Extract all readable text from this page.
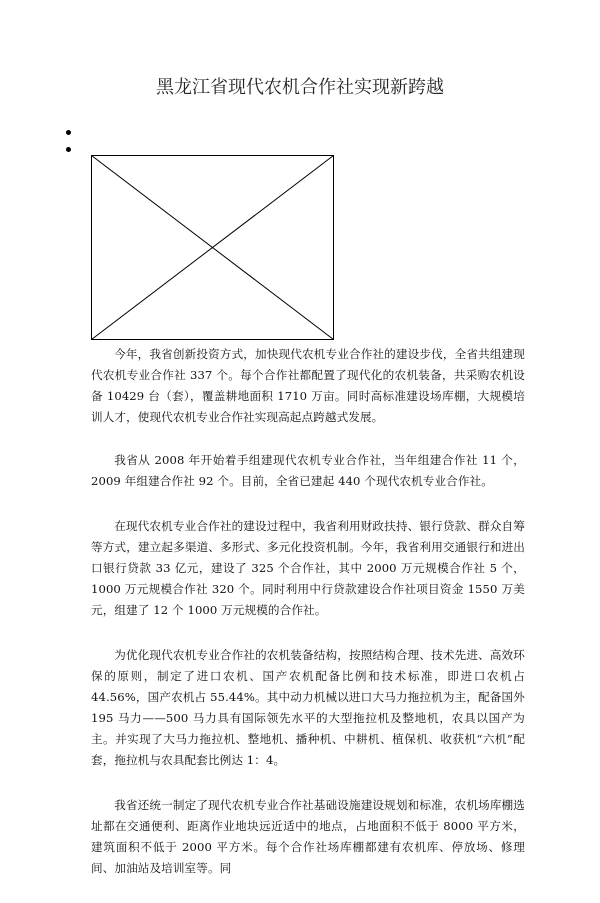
黑龙江省现代农机合作社实现新跨越

今年，我省创新投资方式，加快现代农机专业合作社的建设步伐，全省共组建现代农机专业合作社 337 个。每个合作社都配置了现代化的农机装备，共采购农机设备 10429 台（套），覆盖耕地面积 1710 万亩。同时高标准建设场库棚，大规模培训人才，使现代农机专业合作社实现高起点跨越式发展。

我省从 2008 年开始着手组建现代农机专业合作社，当年组建合作社 11 个，2009 年组建合作社 92 个。目前，全省已建起 440 个现代农机专业合作社。

在现代农机专业合作社的建设过程中，我省利用财政扶持、银行贷款、群众自筹等方式，建立起多渠道、多形式、多元化投资机制。今年，我省利用交通银行和进出口银行贷款 33 亿元，建设了 325 个合作社，其中 2000 万元规模合作社 5 个，1000 万元规模合作社 320 个。同时利用中行贷款建设合作社项目资金 1550 万美元，组建了 12 个 1000 万元规模的合作社。

为优化现代农机专业合作社的农机装备结构，按照结构合理、技术先进、高效环保的原则，制定了进口农机、国产农机配备比例和技术标准，即进口农机占 44.56%，国产农机占 55.44%。其中动力机械以进口大马力拖拉机为主，配备国外 195 马力——500 马力具有国际领先水平的大型拖拉机及整地机，农具以国产为主。并实现了大马力拖拉机、整地机、播种机、中耕机、植保机、收获机“六机”配套，拖拉机与农具配套比例达 1：4。

我省还统一制定了现代农机专业合作社基础设施建设规划和标准，农机场库棚选址都在交通便利、距离作业地块远近适中的地点，占地面积不低于 8000 平方米，建筑面积不低于 2000 平方米。每个合作社场库棚都建有农机库、停放场、修理间、加油站及培训室等。同
